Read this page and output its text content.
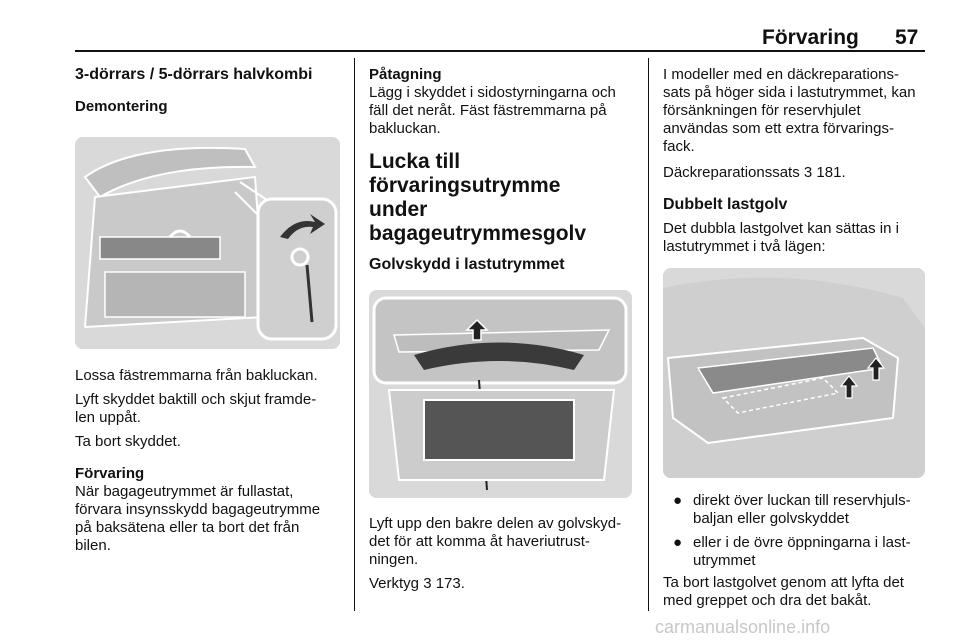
Förvaring 57
3-dörrars / 5-dörrars halvkombi
Demontering

Lossa fästremmarna från bakluckan.

Lyft skyddet baktill och skjut framde-

len uppåt.

Ta bort skyddet.

Förvaring

När bagageutrymmet är fullastat,

förvara insynsskydd bagageutrymme

på baksätena eller ta bort det från

bilen.

Påtagning

Lägg i skyddet i sidostyrningarna och

fäll det neråt. Fäst fästremmarna på

bakluckan.

Lucka till förvaringsutrymme
under
bagageutrymmesgolv
Golvskydd i lastutrymmet

Lyft upp den bakre delen av golvskyd-

det för att komma åt haveriutrust-

ningen.

Verktyg 3 173.

I modeller med en däckreparations-

sats på höger sida i lastutrymmet, kan

försänkningen för reservhjulet

användas som ett extra förvarings-

fack.

Däckreparationssats 3 181.

Dubbelt lastgolv

Det dubbla lastgolvet kan sättas in i

lastutrymmet i två lägen:

● direkt över luckan till reservhjuls-
baljan eller golvskyddet
● eller i de övre öppningarna i last-
utrymmet

Ta bort lastgolvet genom att lyfta det

med greppet och dra det bakåt.

carmanualsonline.info
